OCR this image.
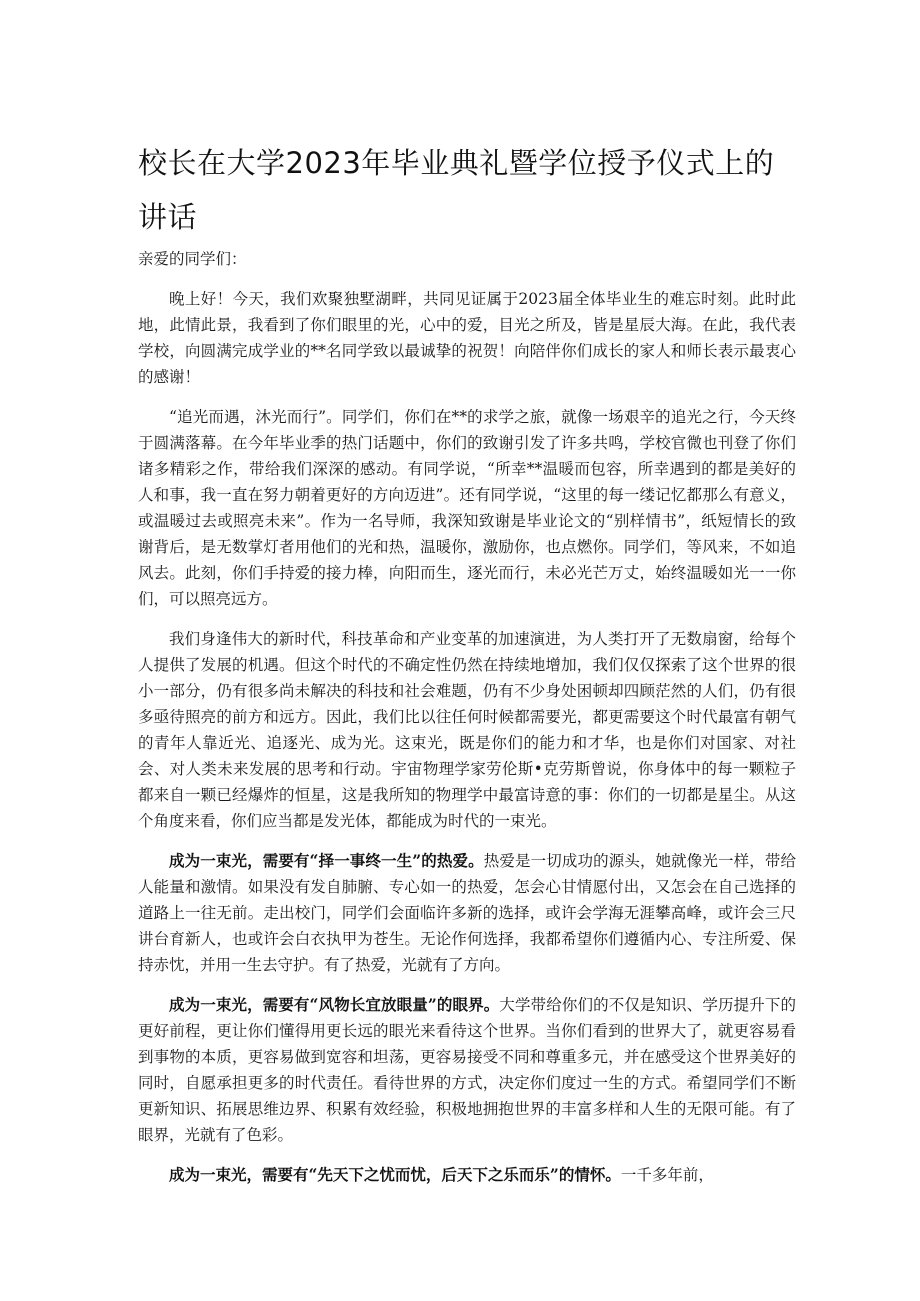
校长在大学2023年毕业典礼暨学位授予仪式上的讲话

亲爱的同学们：

晚上好！今天，我们欢聚独墅湖畔，共同见证属于2023届全体毕业生的难忘时刻。此时此地，此情此景，我看到了你们眼里的光，心中的爱，目光之所及，皆是星辰大海。在此，我代表学校，向圆满完成学业的**名同学致以最诚挚的祝贺！向陪伴你们成长的家人和师长表示最衷心的感谢！

“追光而遇，沐光而行”。同学们，你们在**的求学之旅，就像一场艰辛的追光之行，今天终于圆满落幕。在今年毕业季的热门话题中，你们的致谢引发了许多共鸣，学校官微也刊登了你们诸多精彩之作，带给我们深深的感动。有同学说，“所幸**温暖而包容，所幸遇到的都是美好的人和事，我一直在努力朝着更好的方向迈进”。还有同学说，“这里的每一缕记忆都那么有意义，或温暖过去或照亮未来”。作为一名导师，我深知致谢是毕业论文的“别样情书”，纸短情长的致谢背后，是无数掌灯者用他们的光和热，温暖你，激励你，也点燃你。同学们，等风来，不如追风去。此刻，你们手持爱的接力棒，向阳而生，逐光而行，未必光芒万丈，始终温暖如光一一你们，可以照亮远方。

我们身逢伟大的新时代，科技革命和产业变革的加速演进，为人类打开了无数扇窗，给每个人提供了发展的机遇。但这个时代的不确定性仍然在持续地增加，我们仅仅探索了这个世界的很小一部分，仍有很多尚未解决的科技和社会难题，仍有不少身处困顿却四顾茫然的人们，仍有很多亟待照亮的前方和远方。因此，我们比以往任何时候都需要光，都更需要这个时代最富有朝气的青年人靠近光、追逐光、成为光。这束光，既是你们的能力和才华，也是你们对国家、对社会、对人类未来发展的思考和行动。宇宙物理学家劳伦斯•克劳斯曾说，你身体中的每一颗粒子都来自一颗已经爆炸的恒星，这是我所知的物理学中最富诗意的事：你们的一切都是星尘。从这个角度来看，你们应当都是发光体，都能成为时代的一束光。

成为一束光，需要有“择一事终一生”的热爱。热爱是一切成功的源头，她就像光一样，带给人能量和激情。如果没有发自肺腑、专心如一的热爱，怎会心甘情愿付出，又怎会在自己选择的道路上一往无前。走出校门，同学们会面临许多新的选择，或许会学海无涯攀高峰，或许会三尺讲台育新人，也或许会白衣执甲为苍生。无论作何选择，我都希望你们遵循内心、专注所爱、保持赤忱，并用一生去守护。有了热爱，光就有了方向。

成为一束光，需要有“风物长宜放眼量”的眼界。大学带给你们的不仅是知识、学历提升下的更好前程，更让你们懂得用更长远的眼光来看待这个世界。当你们看到的世界大了，就更容易看到事物的本质，更容易做到宽容和坦荡，更容易接受不同和尊重多元，并在感受这个世界美好的同时，自愿承担更多的时代责任。看待世界的方式，决定你们度过一生的方式。希望同学们不断更新知识、拓展思维边界、积累有效经验，积极地拥抱世界的丰富多样和人生的无限可能。有了眼界，光就有了色彩。

成为一束光，需要有“先天下之忧而忧，后天下之乐而乐”的情怀。一千多年前，
